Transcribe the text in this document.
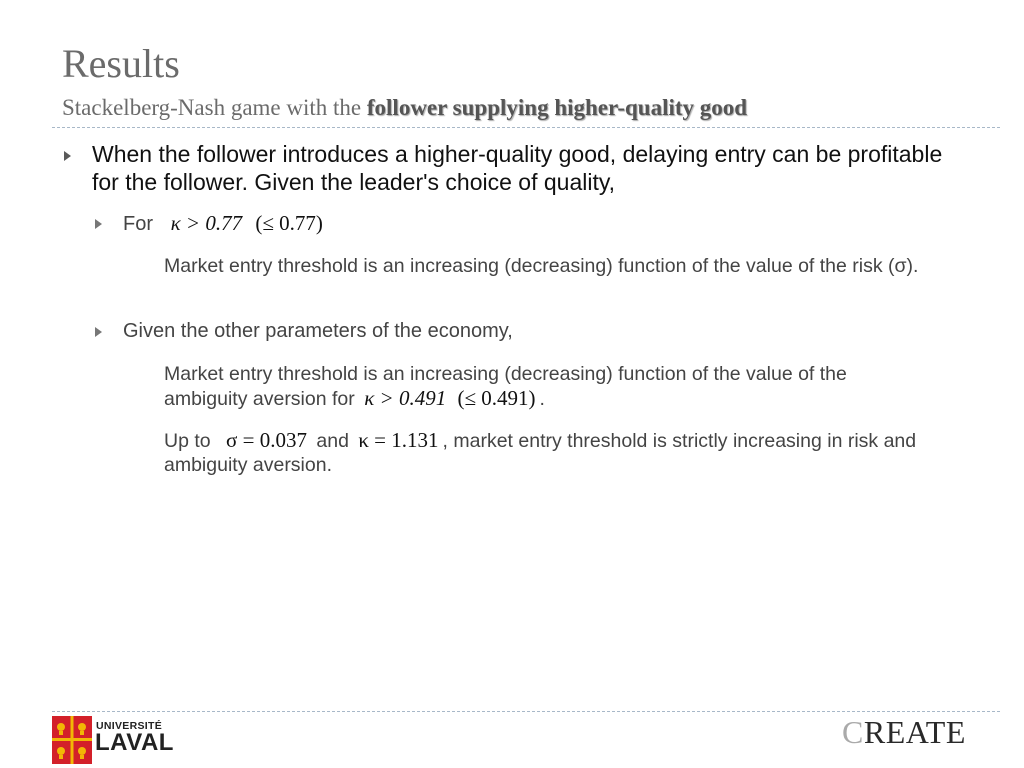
Results
Stackelberg-Nash game with the follower supplying higher-quality good
When the follower introduces a higher-quality good, delaying entry can be profitable for the follower. Given the leader's choice of quality,
For κ > 0.77 (≤ 0.77)
Market entry threshold is an increasing (decreasing) function of the value of the risk (σ).
Given the other parameters of the economy,
Market entry threshold is an increasing (decreasing) function of the value of the ambiguity aversion for κ > 0.491 (≤ 0.491) .
Up to σ = 0.037 and κ = 1.131 , market entry threshold is strictly increasing in risk and ambiguity aversion.
UNIVERSITÉ
LAVAL	CREATE
